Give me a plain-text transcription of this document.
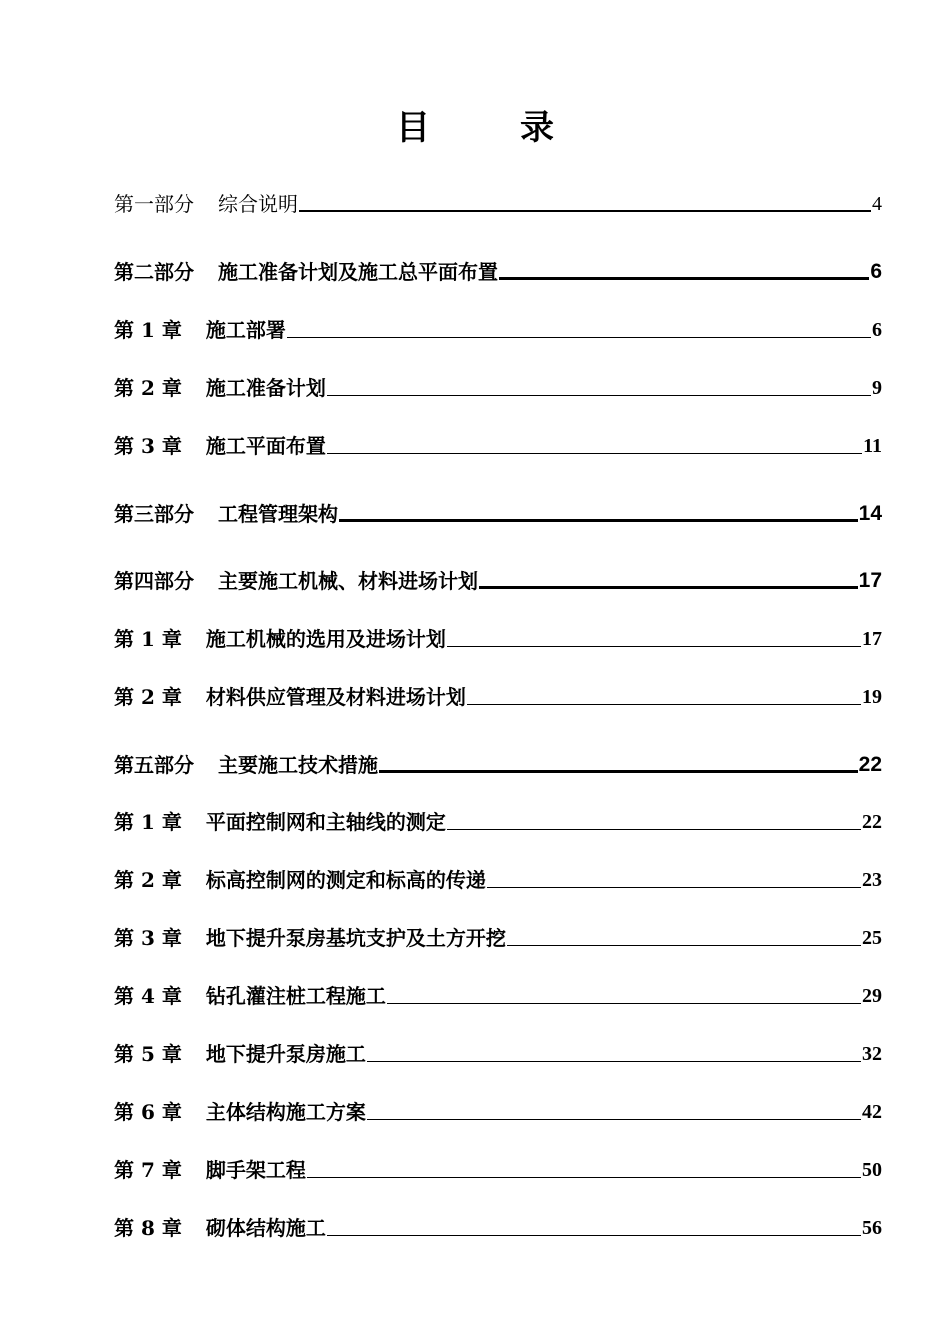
目　录
第一部分 综合说明	4
第二部分 施工准备计划及施工总平面布置	6
第 1 章 施工部署	6
第 2 章 施工准备计划	9
第 3 章 施工平面布置	11
第三部分 工程管理架构	14
第四部分 主要施工机械、材料进场计划	17
第 1 章 施工机械的选用及进场计划	17
第 2 章 材料供应管理及材料进场计划	19
第五部分 主要施工技术措施	22
第 1 章 平面控制网和主轴线的测定	22
第 2 章 标高控制网的测定和标高的传递	23
第 3 章 地下提升泵房基坑支护及土方开挖	25
第 4 章 钻孔灌注桩工程施工	29
第 5 章 地下提升泵房施工	32
第 6 章 主体结构施工方案	42
第 7 章 脚手架工程	50
第 8 章 砌体结构施工	56
